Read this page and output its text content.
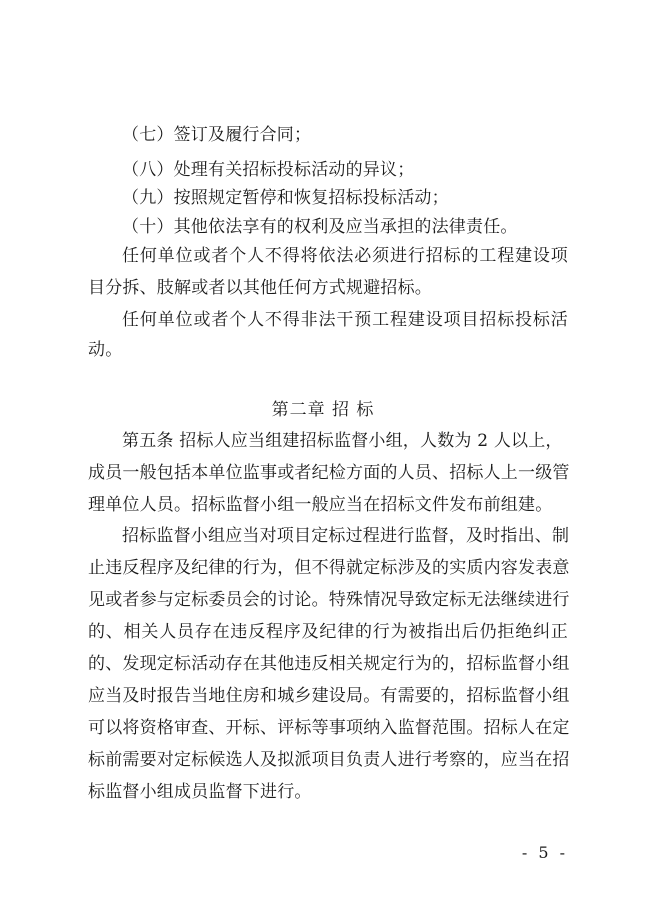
（七）签订及履行合同；
（八）处理有关招标投标活动的异议；
（九）按照规定暂停和恢复招标投标活动；
（十）其他依法享有的权利及应当承担的法律责任。
任何单位或者个人不得将依法必须进行招标的工程建设项
目分拆、肢解或者以其他任何方式规避招标。
任何单位或者个人不得非法干预工程建设项目招标投标活
动。
第二章 招 标
第五条 招标人应当组建招标监督小组，人数为 2 人以上，
成员一般包括本单位监事或者纪检方面的人员、招标人上一级管
理单位人员。招标监督小组一般应当在招标文件发布前组建。
招标监督小组应当对项目定标过程进行监督，及时指出、制
止违反程序及纪律的行为，但不得就定标涉及的实质内容发表意
见或者参与定标委员会的讨论。特殊情况导致定标无法继续进行
的、相关人员存在违反程序及纪律的行为被指出后仍拒绝纠正
的、发现定标活动存在其他违反相关规定行为的，招标监督小组
应当及时报告当地住房和城乡建设局。有需要的，招标监督小组
可以将资格审查、开标、评标等事项纳入监督范围。招标人在定
标前需要对定标候选人及拟派项目负责人进行考察的，应当在招
标监督小组成员监督下进行。
- 5 -
